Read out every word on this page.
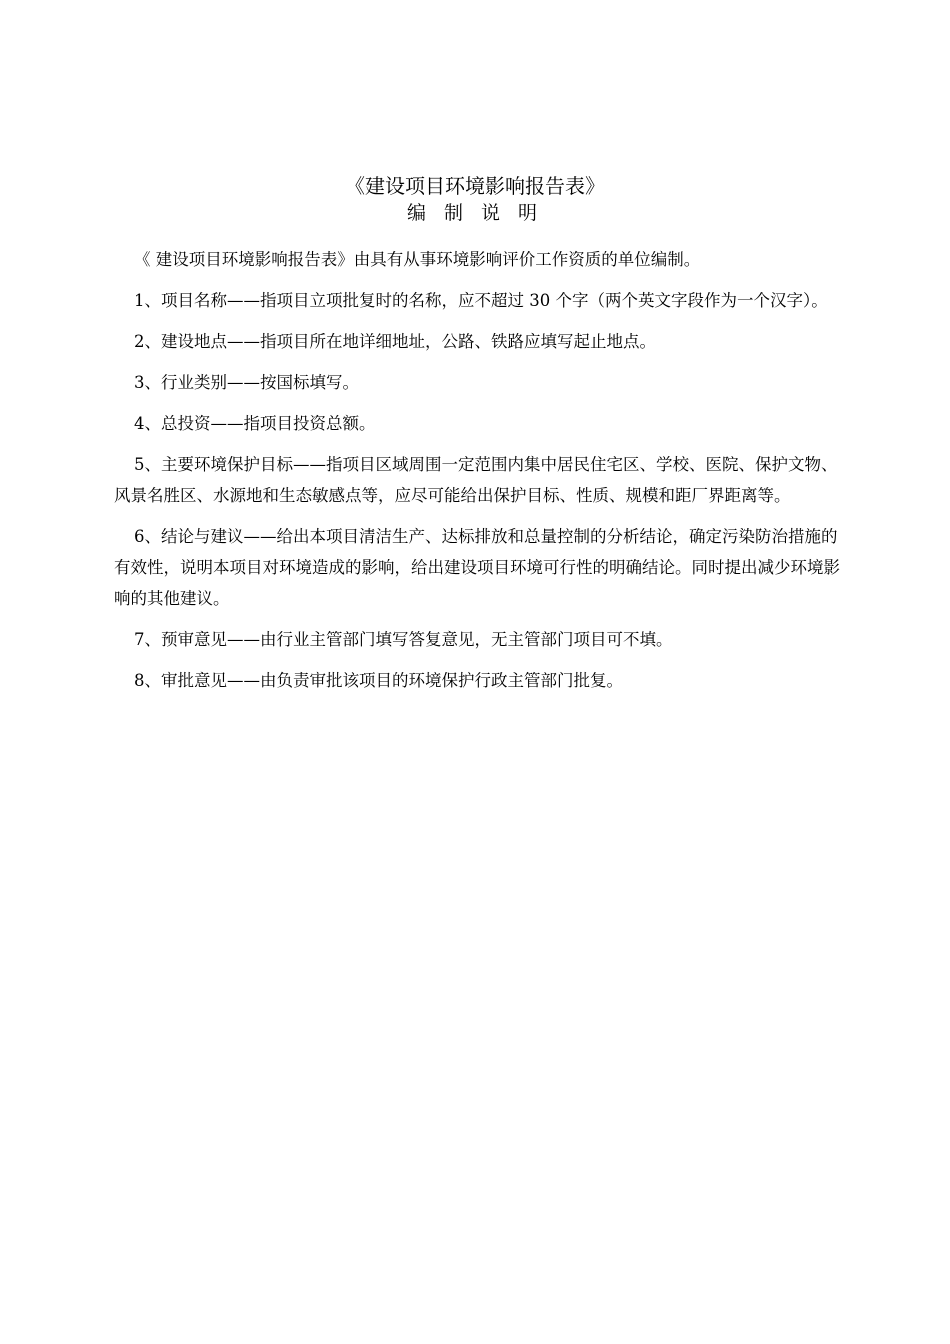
《建设项目环境影响报告表》
编 制 说 明

《 建设项目环境影响报告表》由具有从事环境影响评价工作资质的单位编制。

1、项目名称——指项目立项批复时的名称，应不超过 30 个字（两个英文字段作为一个汉字）。

2、建设地点——指项目所在地详细地址，公路、铁路应填写起止地点。

3、行业类别——按国标填写。

4、总投资——指项目投资总额。

5、主要环境保护目标——指项目区域周围一定范围内集中居民住宅区、学校、医院、保护文物、风景名胜区、水源地和生态敏感点等，应尽可能给出保护目标、性质、规模和距厂界距离等。

6、结论与建议——给出本项目清洁生产、达标排放和总量控制的分析结论，确定污染防治措施的有效性，说明本项目对环境造成的影响，给出建设项目环境可行性的明确结论。同时提出减少环境影响的其他建议。

7、预审意见——由行业主管部门填写答复意见，无主管部门项目可不填。

8、审批意见——由负责审批该项目的环境保护行政主管部门批复。
